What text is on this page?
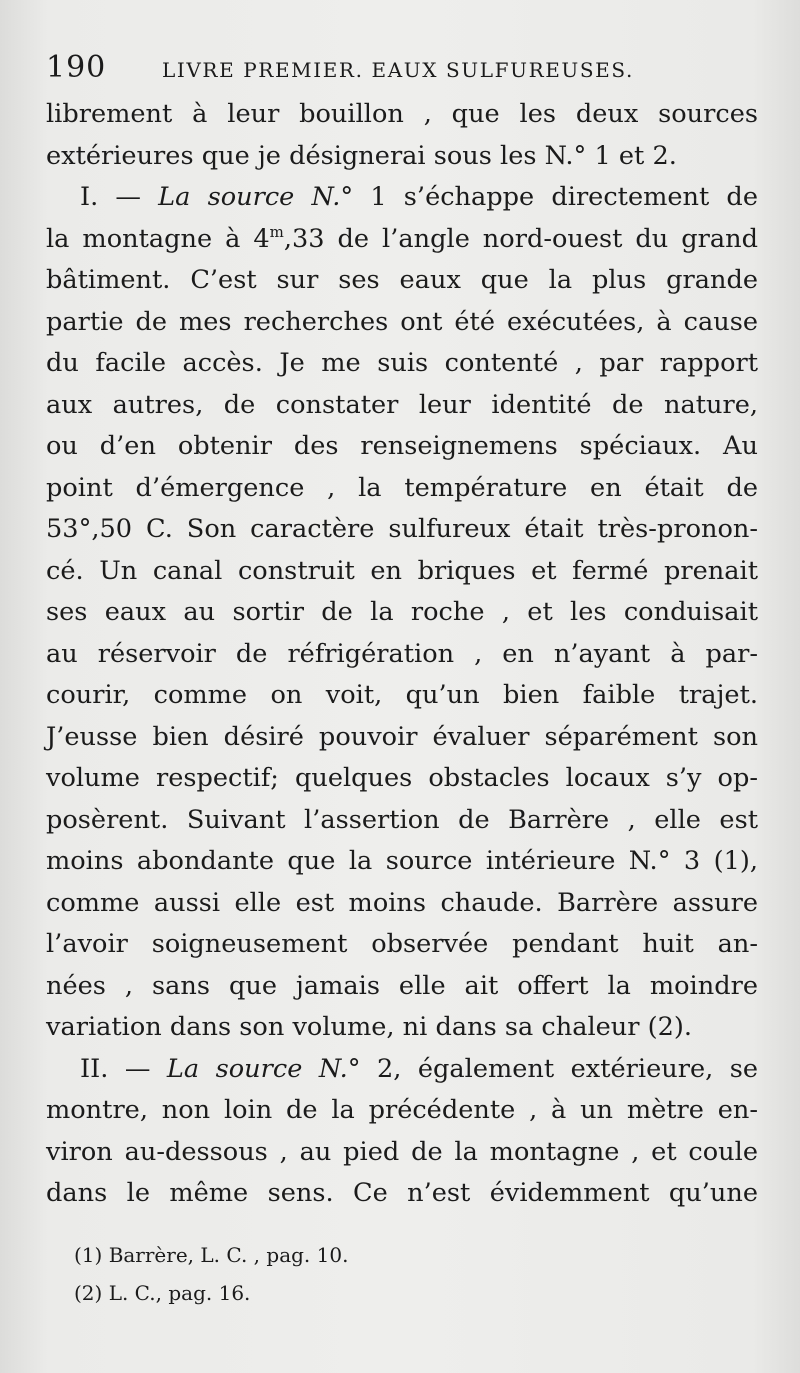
190	LIVRE PREMIER. EAUX SULFUREUSES.
librement à leur bouillon , que les deux sources
extérieures que je désignerai sous les N.° 1 et 2.
I. — La source N.° 1 s’échappe directement de
la montagne à 4$^m$,33 de l’angle nord-ouest du grand
bâtiment. C’est sur ses eaux que la plus grande
partie de mes recherches ont été exécutées, à cause
du facile accès. Je me suis contenté , par rapport
aux autres, de constater leur identité de nature,
ou d’en obtenir des renseignemens spéciaux. Au
point d’émergence , la température en était de
53°,50 C. Son caractère sulfureux était très-pronon-
cé. Un canal construit en briques et fermé prenait
ses eaux au sortir de la roche , et les conduisait
au réservoir de réfrigération , en n’ayant à par-
courir, comme on voit, qu’un bien faible trajet.
J’eusse bien désiré pouvoir évaluer séparément son
volume respectif; quelques obstacles locaux s’y op-
posèrent. Suivant l’assertion de Barrère , elle est
moins abondante que la source intérieure N.° 3 (1),
comme aussi elle est moins chaude. Barrère assure
l’avoir soigneusement observée pendant huit an-
nées , sans que jamais elle ait offert la moindre
variation dans son volume, ni dans sa chaleur (2).
II. — La source N.° 2, également extérieure, se
montre, non loin de la précédente , à un mètre en-
viron au-dessous , au pied de la montagne , et coule
dans le même sens. Ce n’est évidemment qu’une
(1) Barrère, L. C. , pag. 10.
(2) L. C., pag. 16.
